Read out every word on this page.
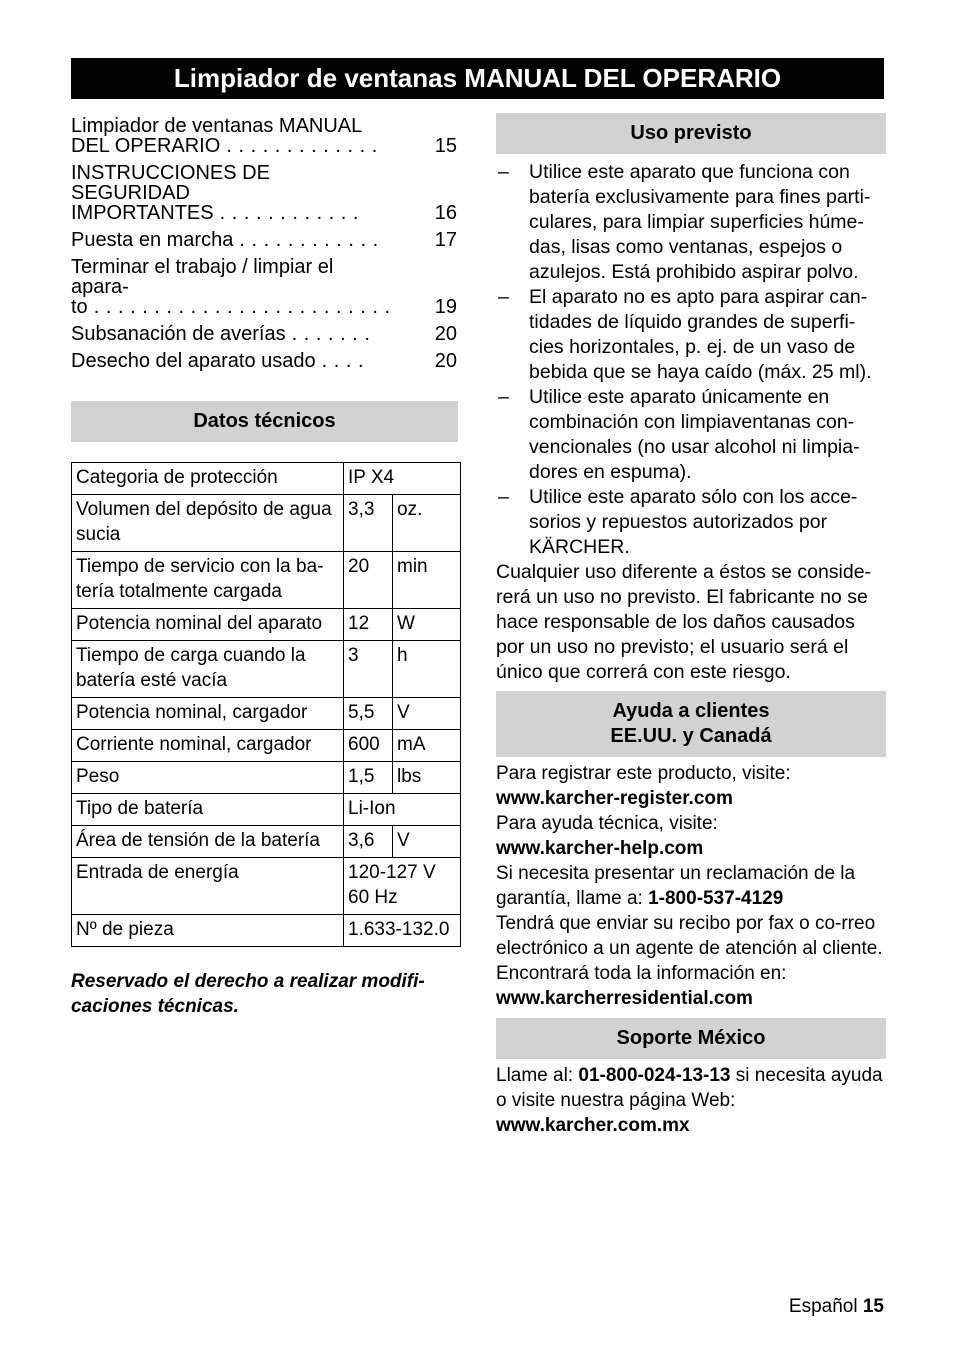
Limpiador de ventanas MANUAL DEL OPERARIO
Limpiador de ventanas MANUAL
DEL OPERARIO . . . . . . . . . . . . .	15
INSTRUCCIONES DE SEGURIDAD
IMPORTANTES . . . . . . . . . . . .	16
Puesta en marcha . . . . . . . . . . . .	17
Terminar el trabajo / limpiar el apara-
to . . . . . . . . . . . . . . . . . . . . . . . . .	19
Subsanación de averías . . . . . . .	20
Desecho del aparato usado . . . .	20
Datos técnicos
Categoria de protección	IP X4	
Volumen del depósito de agua sucia	3,3	oz.
Tiempo de servicio con la ba-tería totalmente cargada	20	min
Potencia nominal del aparato	12	W
Tiempo de carga cuando la batería esté vacía	3	h
Potencia nominal, cargador	5,5	V
Corriente nominal, cargador	600	mA
Peso	1,5	lbs
Tipo de batería	Li-Ion	
Área de tensión de la batería	3,6	V
Entrada de energía	120-127 V 60 Hz	
Nº de pieza	1.633-132.0	
Reservado el derecho a realizar modifi-caciones técnicas.
Uso previsto
– Utilice este aparato que funciona con batería exclusivamente para fines parti-culares, para limpiar superficies húme-das, lisas como ventanas, espejos o azulejos. Está prohibido aspirar polvo.
– El aparato no es apto para aspirar can-tidades de líquido grandes de superfi-cies horizontales, p. ej. de un vaso de bebida que se haya caído (máx. 25 ml).
– Utilice este aparato únicamente en combinación con limpiaventanas con-vencionales (no usar alcohol ni limpia-dores en espuma).
– Utilice este aparato sólo con los acce-sorios y repuestos autorizados por KÄRCHER.
Cualquier uso diferente a éstos se conside-rerá un uso no previsto. El fabricante no se hace responsable de los daños causados por un uso no previsto; el usuario será el único que correrá con este riesgo.
Ayuda a clientes
EE.UU. y Canadá
Para registrar este producto, visite:
www.karcher-register.com
Para ayuda técnica, visite:
www.karcher-help.com
Si necesita presentar un reclamación de la garantía, llame a: 1-800-537-4129
Tendrá que enviar su recibo por fax o co-rreo electrónico a un agente de atención al cliente. Encontrará toda la información en:
www.karcherresidential.com
Soporte México
Llame al: 01-800-024-13-13 si necesita ayuda o visite nuestra página Web:
www.karcher.com.mx
Español 15
